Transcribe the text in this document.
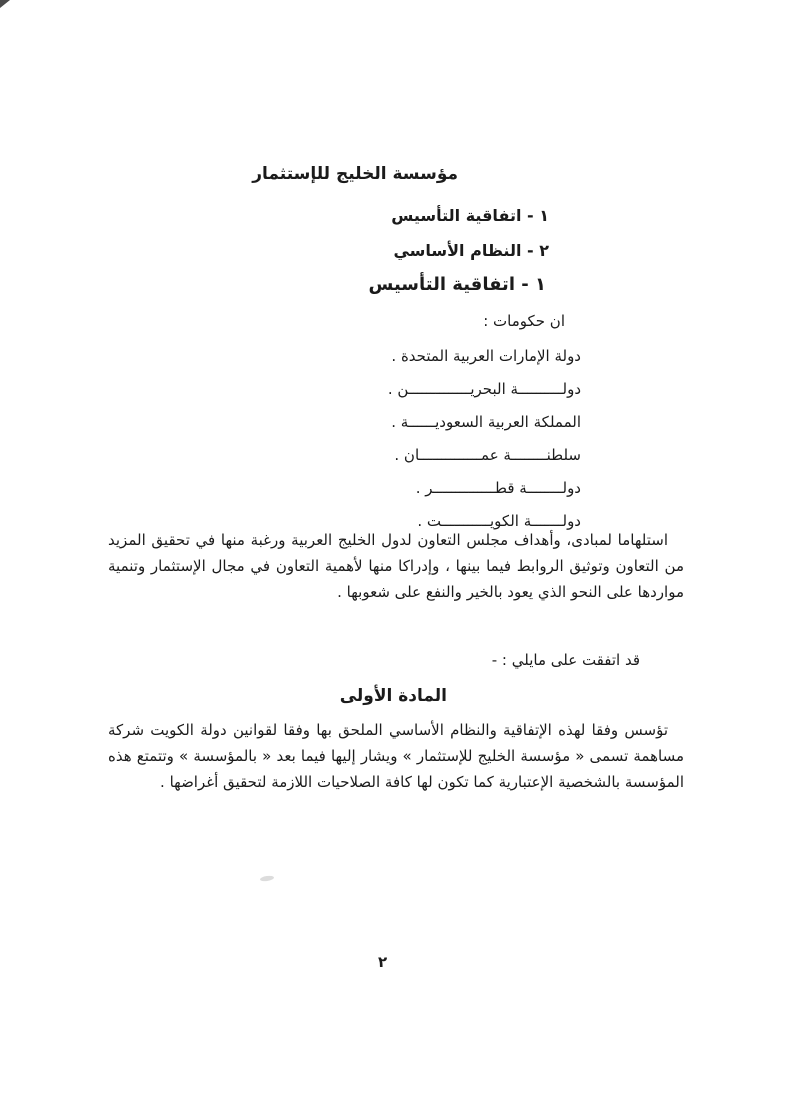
مؤسسة الخليج للإستثمار
١ - اتفاقية التأسيس
٢ - النظام الأساسي
١ - اتفاقية التأسيس
ان حكومات :
دولة الإمارات العربية المتحدة .
دولــــــــــة البحريــــــــــــــن .
المملكة العربية السعوديــــــة .
سلطنــــــــة عمــــــــــــــان .
دولــــــــة قطــــــــــــــر .
دولـــــــة الكويـــــــــــت .

استلهاما لمبادى، وأهداف مجلس التعاون لدول الخليج العربية ورغبة منها في تحقيق المزيد من التعاون وتوثيق الروابط فيما بينها ، وإدراكا منها لأهمية التعاون في مجال الإستثمار وتنمية مواردها على النحو الذي يعود بالخير والنفع على شعوبها .

قد اتفقت على مايلي : -
المادة الأولى

تؤسس وفقا لهذه الإتفاقية والنظام الأساسي الملحق بها وفقا لقوانين دولة الكويت شركة مساهمة تسمى « مؤسسة الخليج للإستثمار » ويشار إليها فيما بعد « بالمؤسسة » وتتمتع هذه المؤسسة بالشخصية الإعتبارية كما تكون لها كافة الصلاحيات اللازمة لتحقيق أغراضها .

٢
